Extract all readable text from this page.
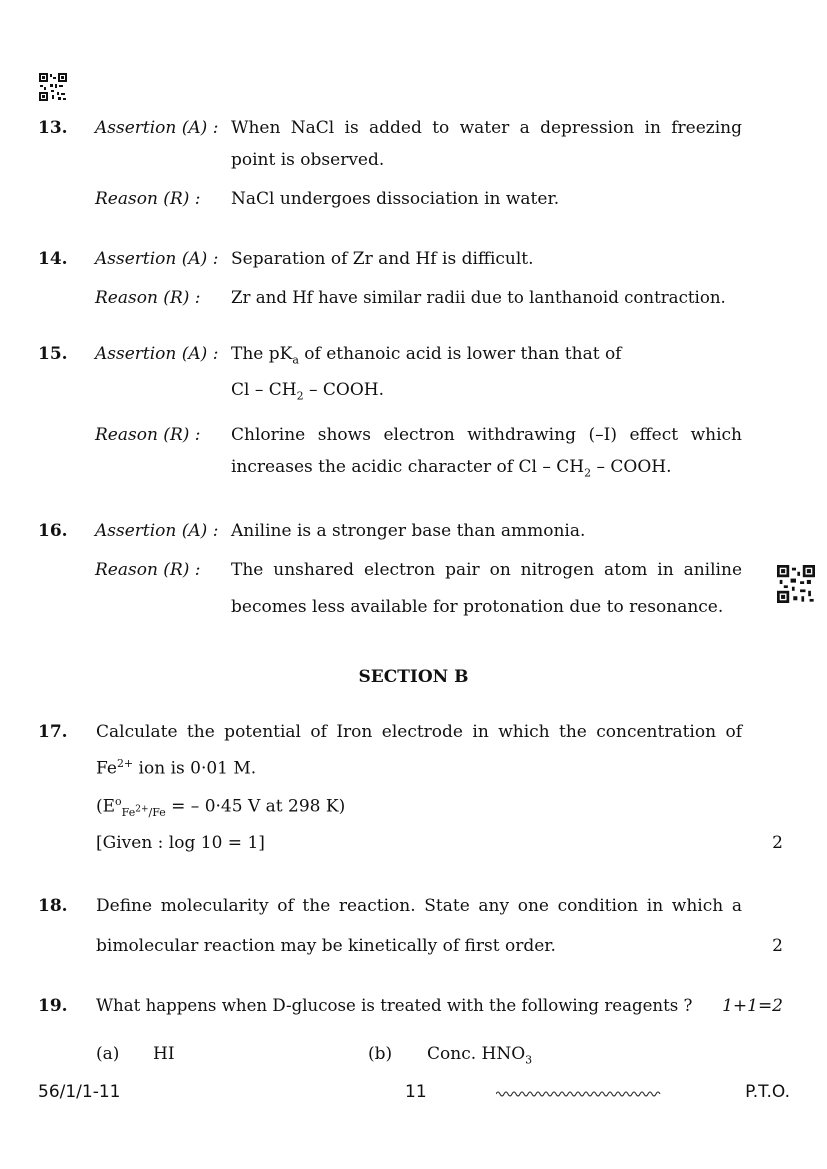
13. Assertion (A) : When NaCl is added to water a depression in freezing
point is observed.
Reason (R) : NaCl undergoes dissociation in water.
14. Assertion (A) : Separation of Zr and Hf is difficult.
Reason (R) : Zr and Hf have similar radii due to lanthanoid contraction.
15. Assertion (A) : The $pK_a$ of ethanoic acid is lower than that of
Cl – $CH_2$ – COOH.
Reason (R) : Chlorine shows electron withdrawing (–I) effect which
increases the acidic character of Cl – $CH_2$ – COOH.
16. Assertion (A) : Aniline is a stronger base than ammonia.
Reason (R) : The unshared electron pair on nitrogen atom in aniline
becomes less available for protonation due to resonance.
SECTION B
17. Calculate the potential of Iron electrode in which the concentration of
$Fe^{2+}$ ion is 0·01 M.
($E^o_{Fe^{2+}/Fe}$ = – 0·45 V at 298 K)
[Given : log 10 = 1]	2
18. Define molecularity of the reaction. State any one condition in which a
bimolecular reaction may be kinetically of first order.	2
19. What happens when D-glucose is treated with the following reagents ? 1+1=2
(a) HI	(b) Conc. $HNO_3$
56/1/1-11	11	P.T.O.
